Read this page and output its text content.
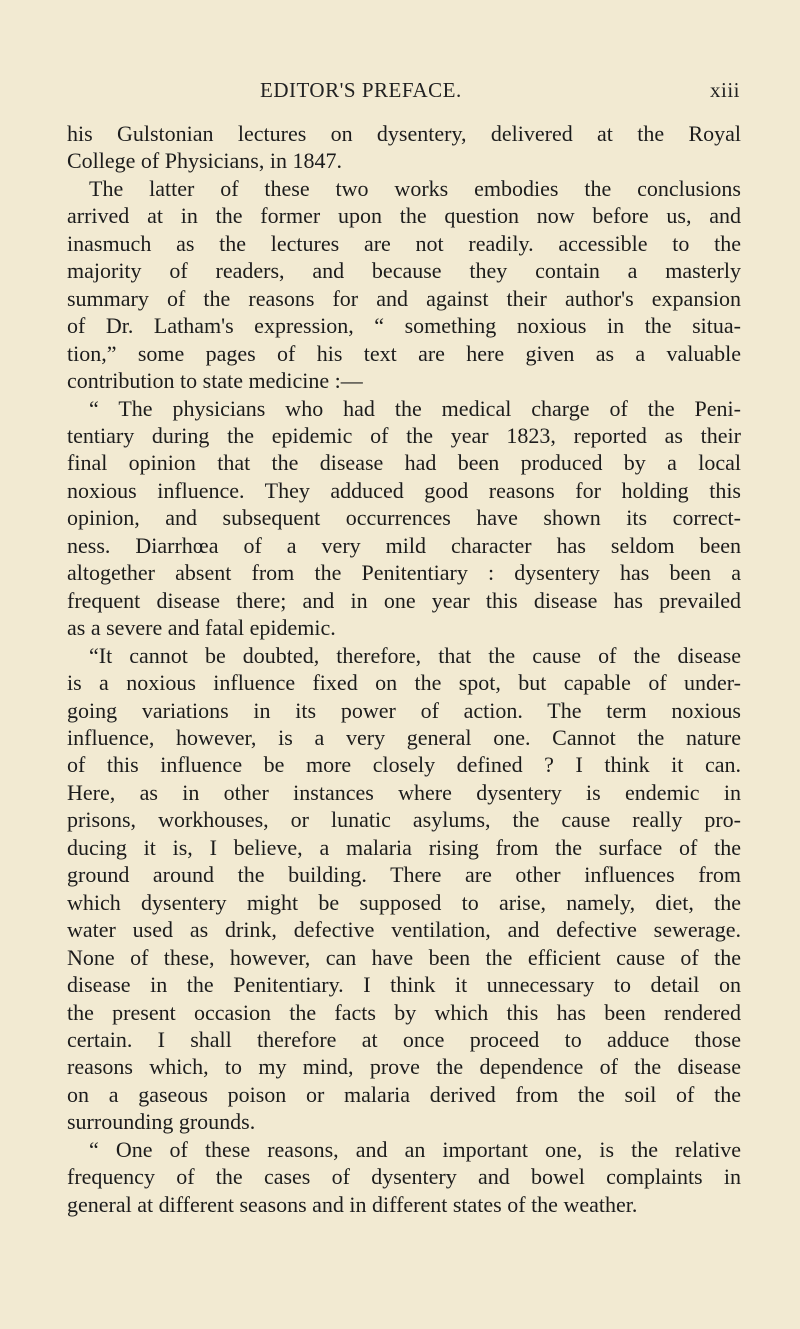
EDITOR'S PREFACE.	xiii

his Gulstonian lectures on dysentery, delivered at the Royal
College of Physicians, in 1847.

The latter of these two works embodies the conclusions
arrived at in the former upon the question now before us, and
inasmuch as the lectures are not readily. accessible to the
majority of readers, and because they contain a masterly
summary of the reasons for and against their author's expansion
of Dr. Latham's expression, “ something noxious in the situa-
tion,” some pages of his text are here given as a valuable
contribution to state medicine :—

“ The physicians who had the medical charge of the Peni-
tentiary during the epidemic of the year 1823, reported as their
final opinion that the disease had been produced by a local
noxious influence. They adduced good reasons for holding this
opinion, and subsequent occurrences have shown its correct-
ness. Diarrhœa of a very mild character has seldom been
altogether absent from the Penitentiary : dysentery has been a
frequent disease there; and in one year this disease has prevailed
as a severe and fatal epidemic.

“It cannot be doubted, therefore, that the cause of the disease
is a noxious influence fixed on the spot, but capable of under-
going variations in its power of action. The term noxious
influence, however, is a very general one. Cannot the nature
of this influence be more closely defined ? I think it can.
Here, as in other instances where dysentery is endemic in
prisons, workhouses, or lunatic asylums, the cause really pro-
ducing it is, I believe, a malaria rising from the surface of the
ground around the building. There are other influences from
which dysentery might be supposed to arise, namely, diet, the
water used as drink, defective ventilation, and defective sewerage.
None of these, however, can have been the efficient cause of the
disease in the Penitentiary. I think it unnecessary to detail on
the present occasion the facts by which this has been rendered
certain. I shall therefore at once proceed to adduce those
reasons which, to my mind, prove the dependence of the disease
on a gaseous poison or malaria derived from the soil of the
surrounding grounds.

“ One of these reasons, and an important one, is the relative
frequency of the cases of dysentery and bowel complaints in
general at different seasons and in different states of the weather.
